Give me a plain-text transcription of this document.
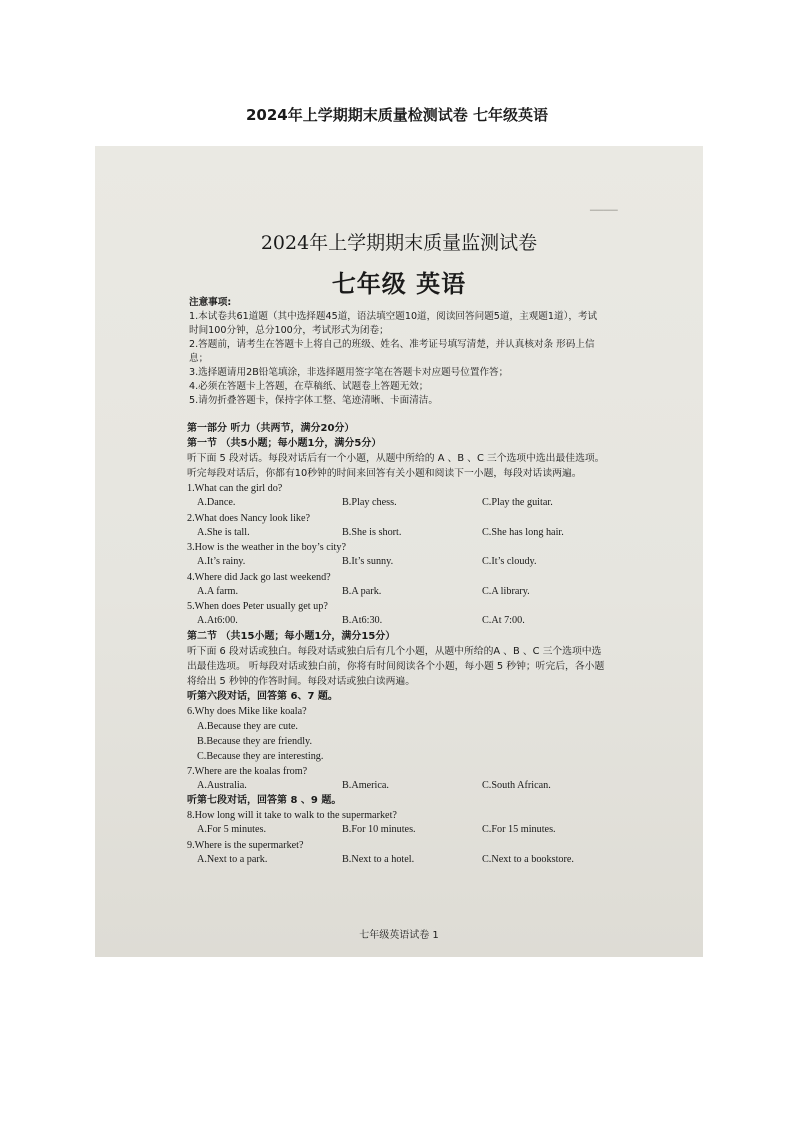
2024年上学期期末质量检测试卷 七年级英语
▔▔▔▔
2024年上学期期末质量监测试卷
七年级 英语

注意事项:

1.本试卷共61道题（其中选择题45道，语法填空题10道，阅读回答问题5道，主观题1道），考试时间100分钟，总分100分，考试形式为闭卷；

2.答题前，请考生在答题卡上将自己的班级、姓名、准考证号填写清楚，并认真核对条 形码上信息；

3.选择题请用2B铅笔填涂，非选择题用签字笔在答题卡对应题号位置作答；

4.必须在答题卡上答题，在草稿纸、试题卷上答题无效；

5.请勿折叠答题卡，保持字体工整、笔迹清晰、卡面清洁。

第一部分 听力（共两节，满分20分）
第一节 （共5小题；每小题1分，满分5分）
听下面 5 段对话。每段对话后有一个小题，从题中所给的 A 、B 、C 三个选项中选出最佳选项。听完每段对话后，你都有10秒钟的时间来回答有关小题和阅读下一小题，每段对话读两遍。
1.What can the girl do?
A.Dance.	B.Play chess.	C.Play the guitar.
2.What does Nancy look like?
A.She is tall.	B.She is short.	C.She has long hair.
3.How is the weather in the boy’s city?
A.It’s rainy.	B.It’s sunny.	C.It’s cloudy.
4.Where did Jack go last weekend?
A.A farm.	B.A park.	C.A library.
5.When does Peter usually get up?
A.At6:00.	B.At6:30.	C.At 7:00.
第二节 （共15小题；每小题1分，满分15分）
听下面 6 段对话或独白。每段对话或独白后有几个小题，从题中所给的A 、B 、C 三个选项中选出最佳选项。 听每段对话或独白前，你将有时间阅读各个小题，每小题 5 秒钟；听完后，各小题将给出 5 秒钟的作答时间。每段对话或独白读两遍。
听第六段对话，回答第 6、7 题。
6.Why does Mike like koala?
A.Because they are cute.
B.Because they are friendly.
C.Because they are interesting.
7.Where are the koalas from?
A.Australia.	B.America.	C.South African.
听第七段对话，回答第 8 、9 题。
8.How long will it take to walk to the supermarket?
A.For 5 minutes.	B.For 10 minutes.	C.For 15 minutes.
9.Where is the supermarket?
A.Next to a park.	B.Next to a hotel.	C.Next to a bookstore.
七年级英语试卷 1
